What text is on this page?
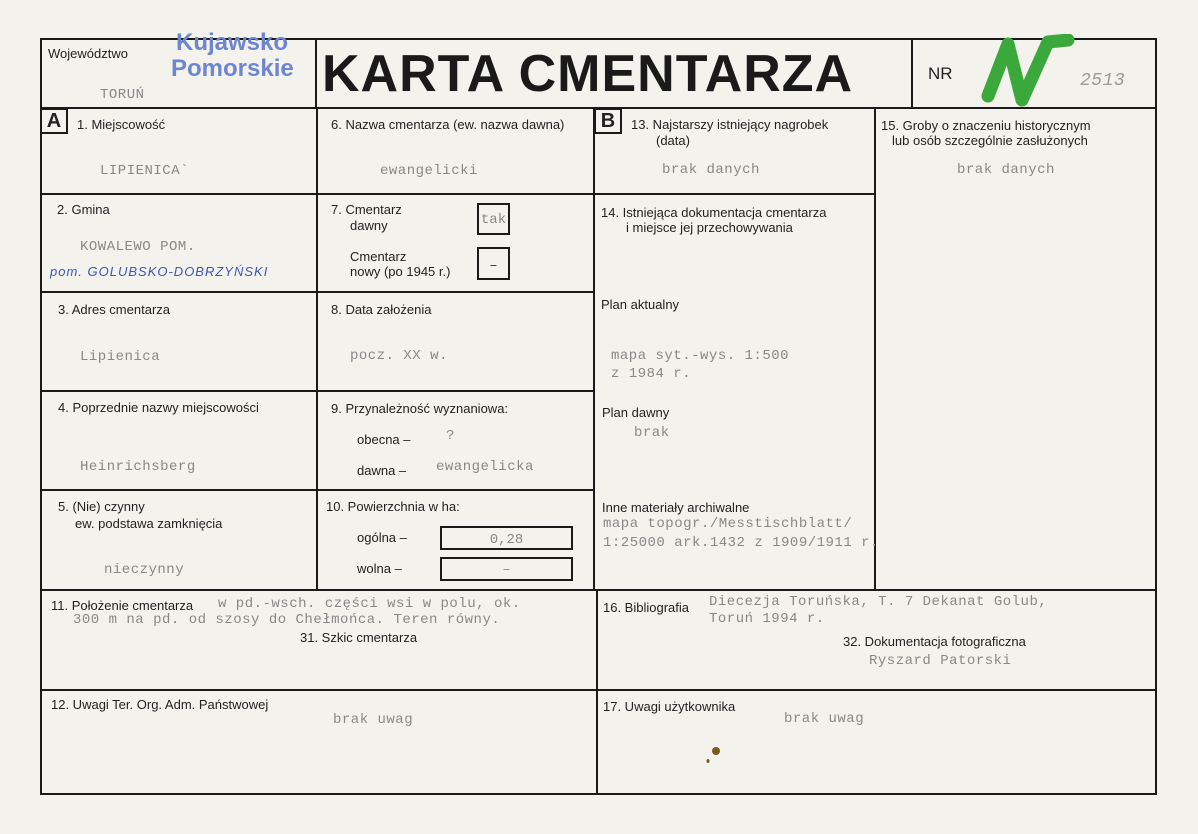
Województwo Kujawsko
Pomorskie
TORUŃ	KARTA CMENTARZA	NR	2513
A	B
1. Miejscowość
LIPIENICA`
6. Nazwa cmentarza (ew. nazwa dawna)
ewangelicki
13. Najstarszy istniejący nagrobek
(data)
brak danych
15. Groby o znaczeniu historycznym
lub osób szczególnie zasłużonych
brak danych
2. Gmina
KOWALEWO POM.
pom. GOLUBSKO-DOBRZYŃSKI
7. Cmentarz
dawny	tak
Cmentarz
nowy (po 1945 r.)	–
14. Istniejąca dokumentacja cmentarza
i miejsce jej przechowywania
3. Adres cmentarza
Lipienica
8. Data założenia
pocz. XX w.
Plan aktualny
mapa syt.-wys. 1:500
z 1984 r.
4. Poprzednie nazwy miejscowości
Heinrichsberg
9. Przynależność wyznaniowa:
obecna –	?
dawna – ewangelicka
Plan dawny
brak
5. (Nie) czynny
ew. podstawa zamknięcia
nieczynny
10. Powierzchnia w ha:
ogólna –	0,28
wolna –	–
Inne materiały archiwalne
mapa topogr./Messtischblatt/
1:25000 ark.1432 z 1909/1911 r.
11. Położenie cmentarza w pd.-wsch. części wsi w polu, ok.
300 m na pd. od szosy do Chełmońca. Teren równy.
31. Szkic cmentarza
16. Bibliografia Diecezja Toruńska, T. 7 Dekanat Golub,
Toruń 1994 r.
32. Dokumentacja fotograficzna
Ryszard Patorski
12. Uwagi Ter. Org. Adm. Państwowej
brak uwag
17. Uwagi użytkownika
brak uwag
